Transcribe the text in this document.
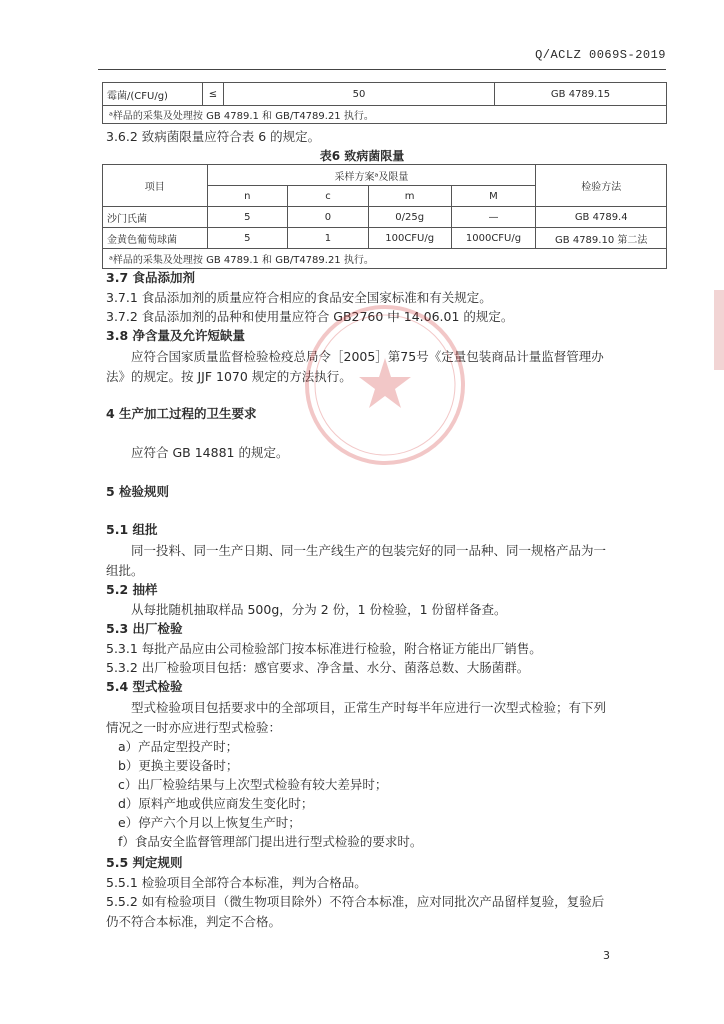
Q/ACLZ 0069S-2019
霉菌/(CFU/g)	≤	50	GB 4789.15
ᵃ样品的采集及处理按 GB 4789.1 和 GB/T4789.21 执行。
3.6.2 致病菌限量应符合表 6 的规定。
表6 致病菌限量
项目	采样方案ᵃ及限量				检验方法
	n	c	m	M	
沙门氏菌	5	0	0/25g	—	GB 4789.4
金黄色葡萄球菌	5	1	100CFU/g	1000CFU/g	GB 4789.10 第二法
ᵃ样品的采集及处理按 GB 4789.1 和 GB/T4789.21 执行。					
3.7 食品添加剂
3.7.1 食品添加剂的质量应符合相应的食品安全国家标准和有关规定。
3.7.2 食品添加剂的品种和使用量应符合 GB2760 中 14.06.01 的规定。
3.8 净含量及允许短缺量
应符合国家质量监督检验检疫总局令［2005］第75号《定量包装商品计量监督管理办
法》的规定。按 JJF 1070 规定的方法执行。
4 生产加工过程的卫生要求
应符合 GB 14881 的规定。
5 检验规则
5.1 组批
同一投料、同一生产日期、同一生产线生产的包装完好的同一品种、同一规格产品为一
组批。
5.2 抽样
从每批随机抽取样品 500g，分为 2 份，1 份检验，1 份留样备查。
5.3 出厂检验
5.3.1 每批产品应由公司检验部门按本标准进行检验，附合格证方能出厂销售。
5.3.2 出厂检验项目包括：感官要求、净含量、水分、菌落总数、大肠菌群。
5.4 型式检验
型式检验项目包括要求中的全部项目，正常生产时每半年应进行一次型式检验；有下列
情况之一时亦应进行型式检验：
a）产品定型投产时；
b）更换主要设备时；
c）出厂检验结果与上次型式检验有较大差异时；
d）原料产地或供应商发生变化时；
e）停产六个月以上恢复生产时；
f）食品安全监督管理部门提出进行型式检验的要求时。
5.5 判定规则
5.5.1 检验项目全部符合本标准，判为合格品。
5.5.2 如有检验项目（微生物项目除外）不符合本标准，应对同批次产品留样复验，复验后
仍不符合本标准，判定不合格。
3
